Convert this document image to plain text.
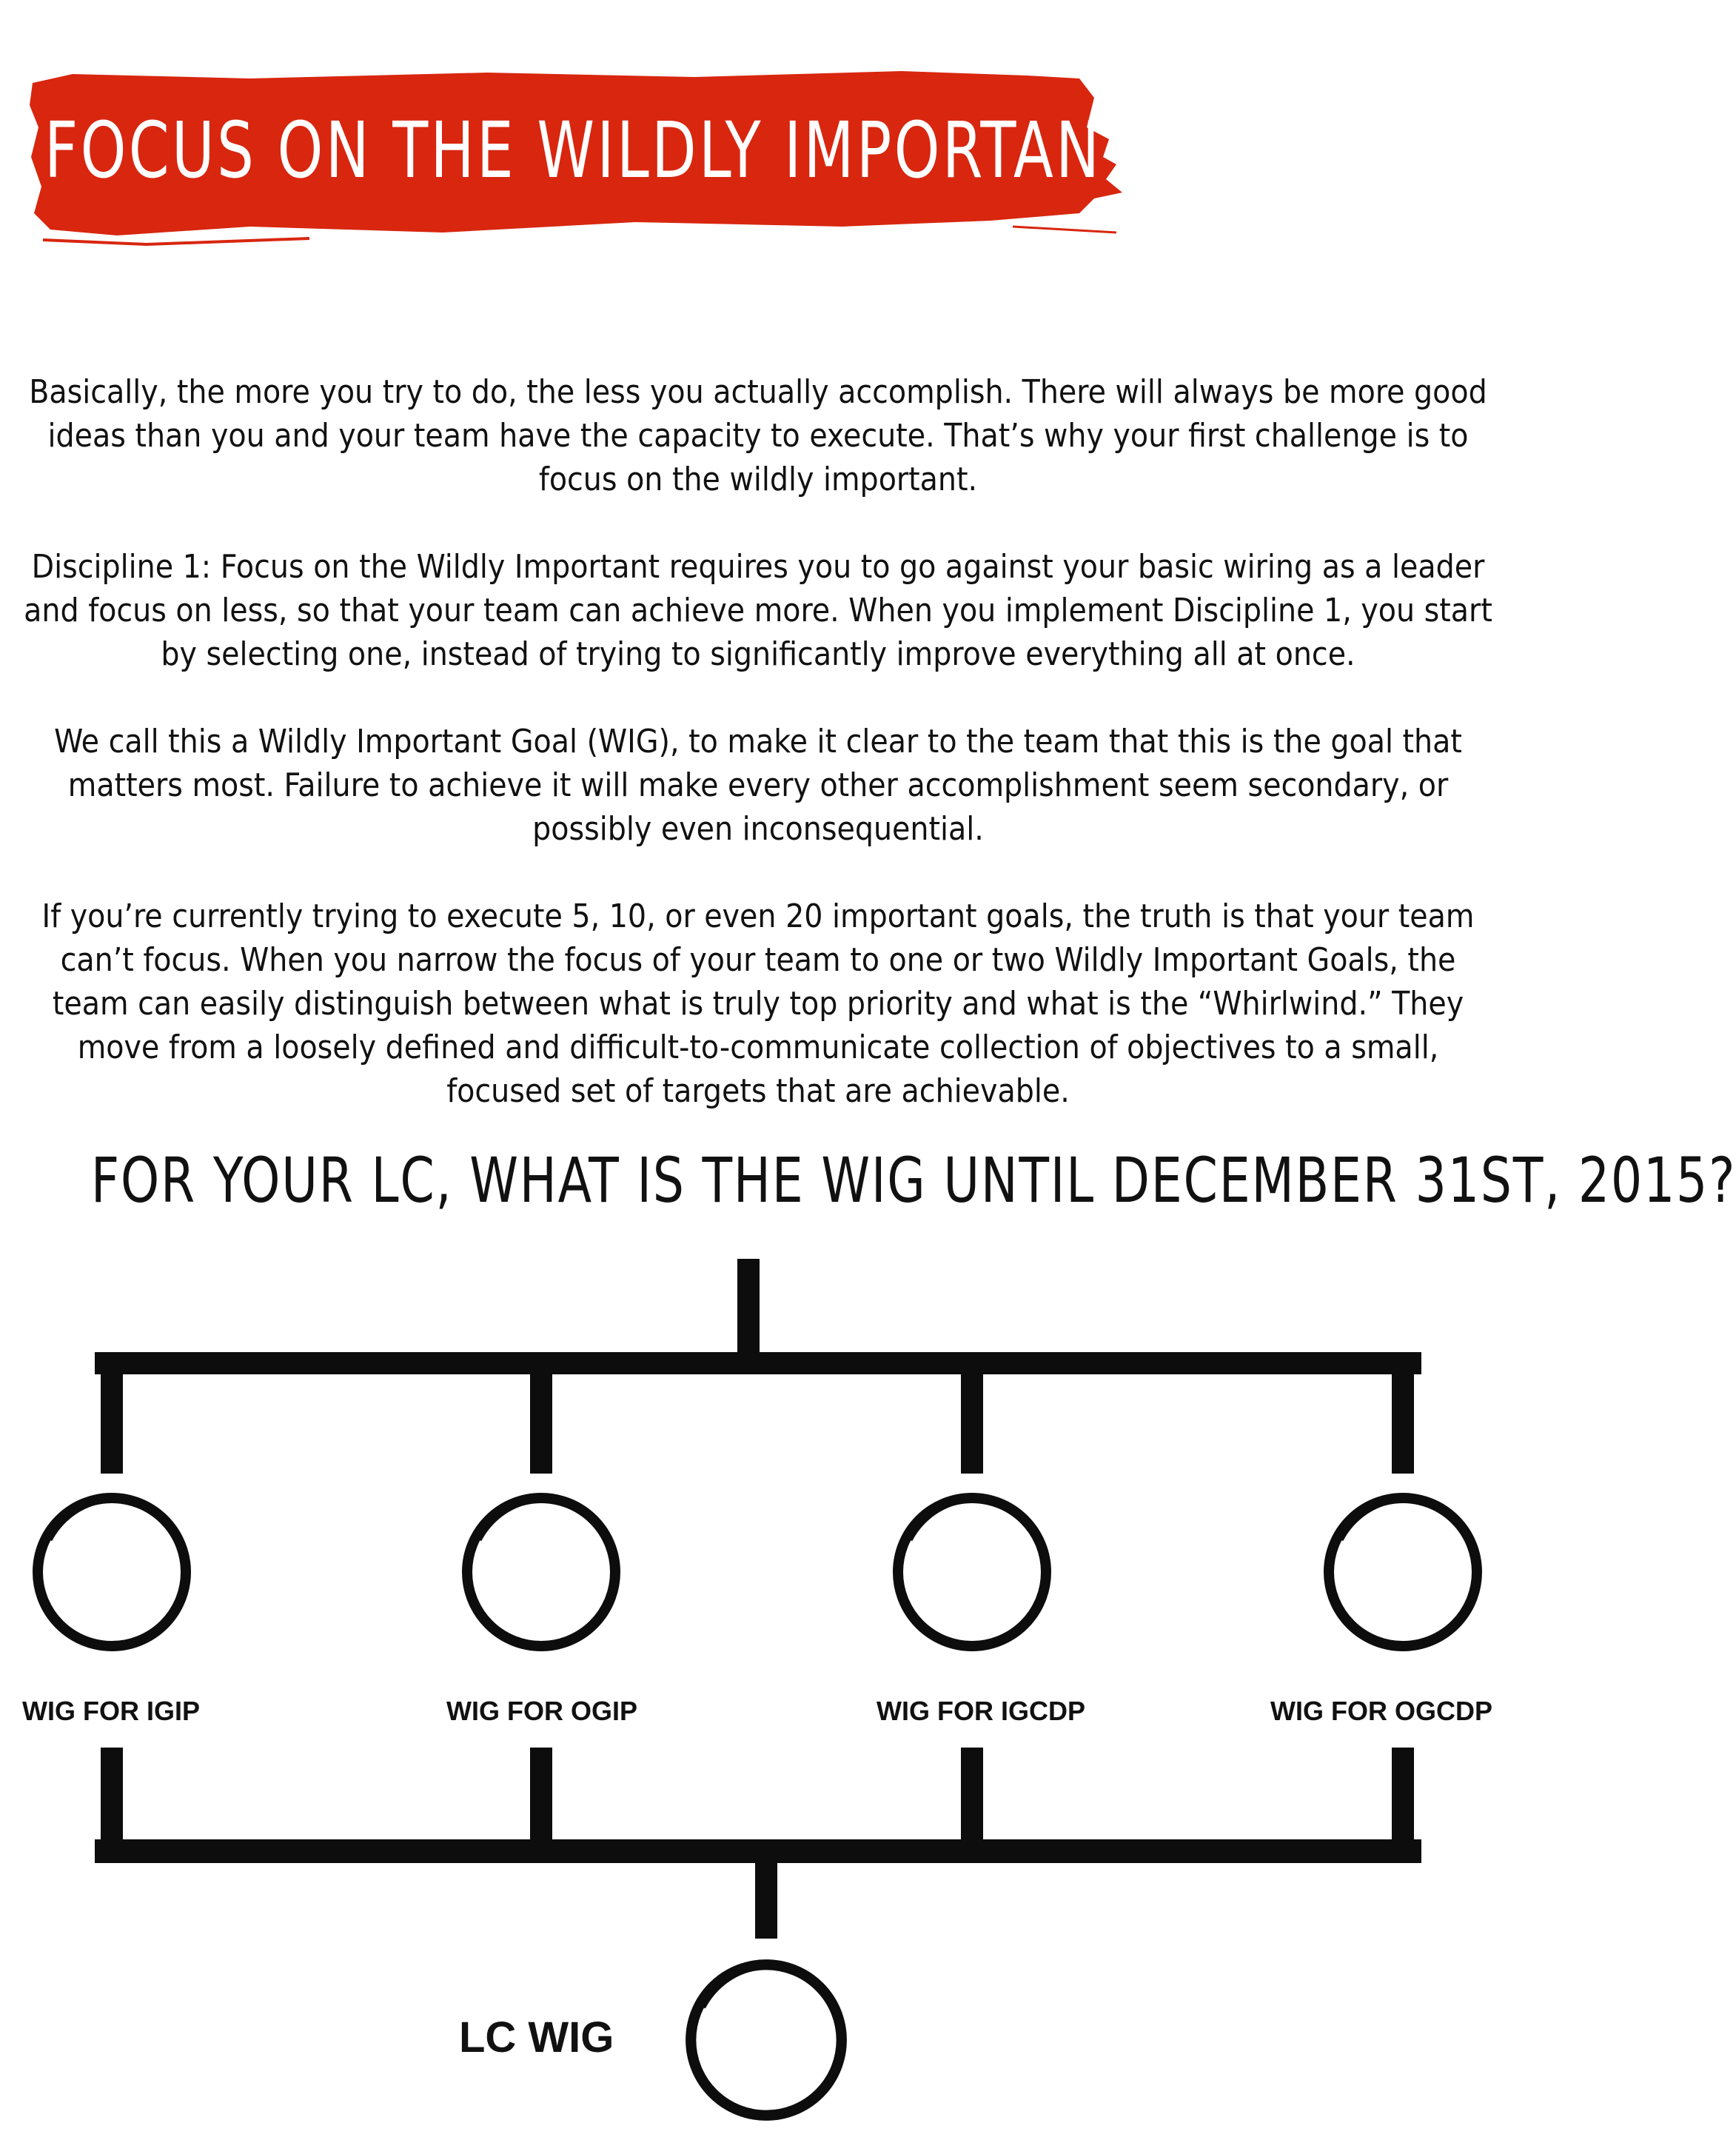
FOCUS ON THE WILDLY IMPORTANT

Basically, the more you try to do, the less you actually accomplish. There will always be more good ideas than you and your team have the capacity to execute. That’s why your first challenge is to focus on the wildly important.

Discipline 1: Focus on the Wildly Important requires you to go against your basic wiring as a leader and focus on less, so that your team can achieve more. When you implement Discipline 1, you start by selecting one, instead of trying to significantly improve everything all at once.

We call this a Wildly Important Goal (WIG), to make it clear to the team that this is the goal that matters most. Failure to achieve it will make every other accomplishment seem secondary, or possibly even inconsequential.

If you’re currently trying to execute 5, 10, or even 20 important goals, the truth is that your team can’t focus. When you narrow the focus of your team to one or two Wildly Important Goals, the team can easily distinguish between what is truly top priority and what is the “Whirlwind.” They move from a loosely defined and difficult-to-communicate collection of objectives to a small, focused set of targets that are achievable.

FOR YOUR LC, WHAT IS THE WIG UNTIL DECEMBER 31ST, 2015?
WIG FOR IGIP	WIG FOR OGIP	WIG FOR IGCDP	WIG FOR OGCDP
LC WIG
